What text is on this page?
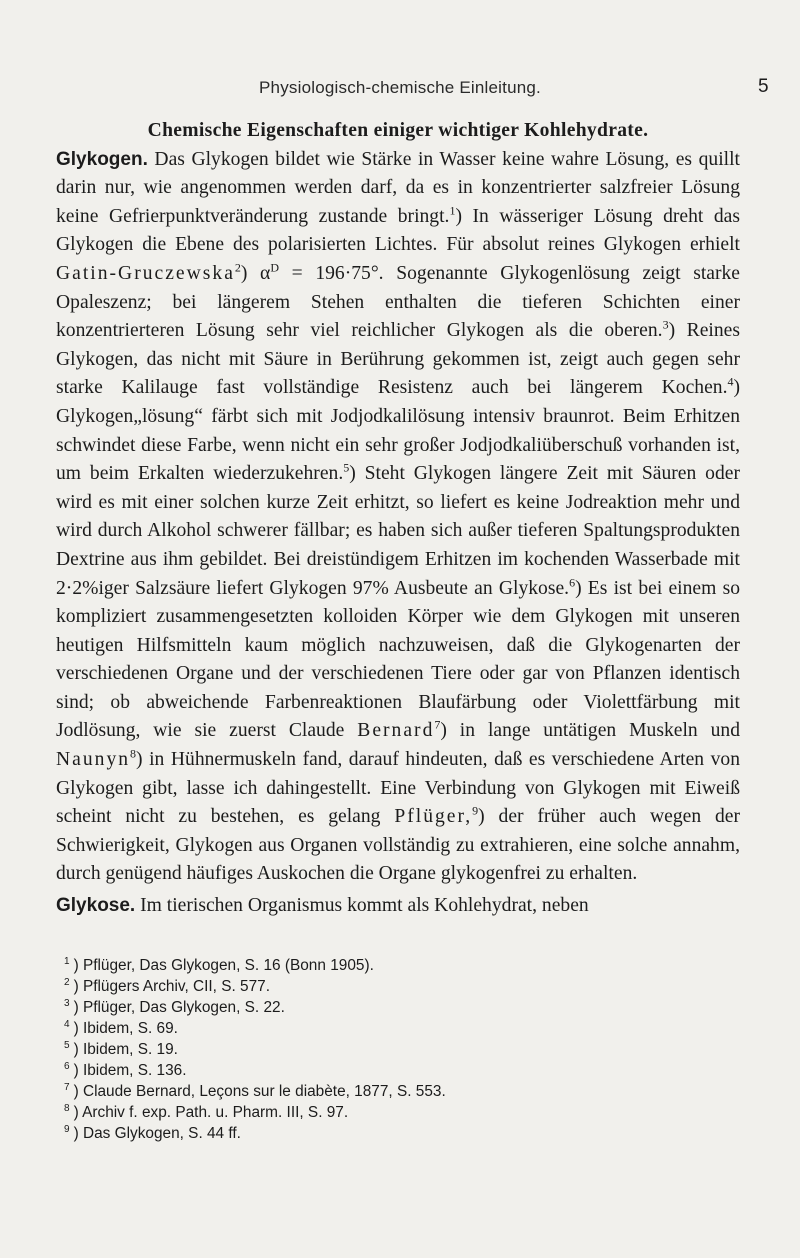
Physiologisch-chemische Einleitung.	5
Chemische Eigenschaften einiger wichtiger Kohlehydrate.

Glykogen. Das Glykogen bildet wie Stärke in Wasser keine wahre Lösung, es quillt darin nur, wie angenommen werden darf, da es in konzentrierter salzfreier Lösung keine Gefrierpunktveränderung zustande bringt.$^1$) In wässeriger Lösung dreht das Glykogen die Ebene des polarisierten Lichtes. Für absolut reines Glykogen erhielt Gatin-Gruczewska$^2$) $\alpha^D = 196\cdot 75^\circ$. Sogenannte Glykogenlösung zeigt starke Opaleszenz; bei längerem Stehen enthalten die tieferen Schichten einer konzentrierteren Lösung sehr viel reichlicher Glykogen als die oberen.$^3$) Reines Glykogen, das nicht mit Säure in Berührung gekommen ist, zeigt auch gegen sehr starke Kalilauge fast vollständige Resistenz auch bei längerem Kochen.$^4$) Glykogen„lösung“ färbt sich mit Jodjodkalilösung intensiv braunrot. Beim Erhitzen schwindet diese Farbe, wenn nicht ein sehr großer Jodjodkaliüberschuß vorhanden ist, um beim Erkalten wiederzukehren.$^5$) Steht Glykogen längere Zeit mit Säuren oder wird es mit einer solchen kurze Zeit erhitzt, so liefert es keine Jodreaktion mehr und wird durch Alkohol schwerer fällbar; es haben sich außer tieferen Spaltungsprodukten Dextrine aus ihm gebildet. Bei dreistündigem Erhitzen im kochenden Wasserbade mit 2·2%iger Salzsäure liefert Glykogen 97% Ausbeute an Glykose.$^6$) Es ist bei einem so kompliziert zusammengesetzten kolloiden Körper wie dem Glykogen mit unseren heutigen Hilfsmitteln kaum möglich nachzuweisen, daß die Glykogenarten der verschiedenen Organe und der verschiedenen Tiere oder gar von Pflanzen identisch sind; ob abweichende Farbenreaktionen Blaufärbung oder Violettfärbung mit Jodlösung, wie sie zuerst Claude Bernard$^7$) in lange untätigen Muskeln und Naunyn$^8$) in Hühnermuskeln fand, darauf hindeuten, daß es verschiedene Arten von Glykogen gibt, lasse ich dahingestellt. Eine Verbindung von Glykogen mit Eiweiß scheint nicht zu bestehen, es gelang Pflüger,$^9$) der früher auch wegen der Schwierigkeit, Glykogen aus Organen vollständig zu extrahieren, eine solche annahm, durch genügend häufiges Auskochen die Organe glykogenfrei zu erhalten.

Glykose. Im tierischen Organismus kommt als Kohlehydrat, neben

$^1$ ) Pflüger, Das Glykogen, S. 16 (Bonn 1905).
$^2$ ) Pflügers Archiv, CII, S. 577.
$^3$ ) Pflüger, Das Glykogen, S. 22.
$^4$ ) Ibidem, S. 69.
$^5$ ) Ibidem, S. 19.
$^6$ ) Ibidem, S. 136.
$^7$ ) Claude Bernard, Leçons sur le diabète, 1877, S. 553.
$^8$ ) Archiv f. exp. Path. u. Pharm. III, S. 97.
$^9$ ) Das Glykogen, S. 44 ff.
